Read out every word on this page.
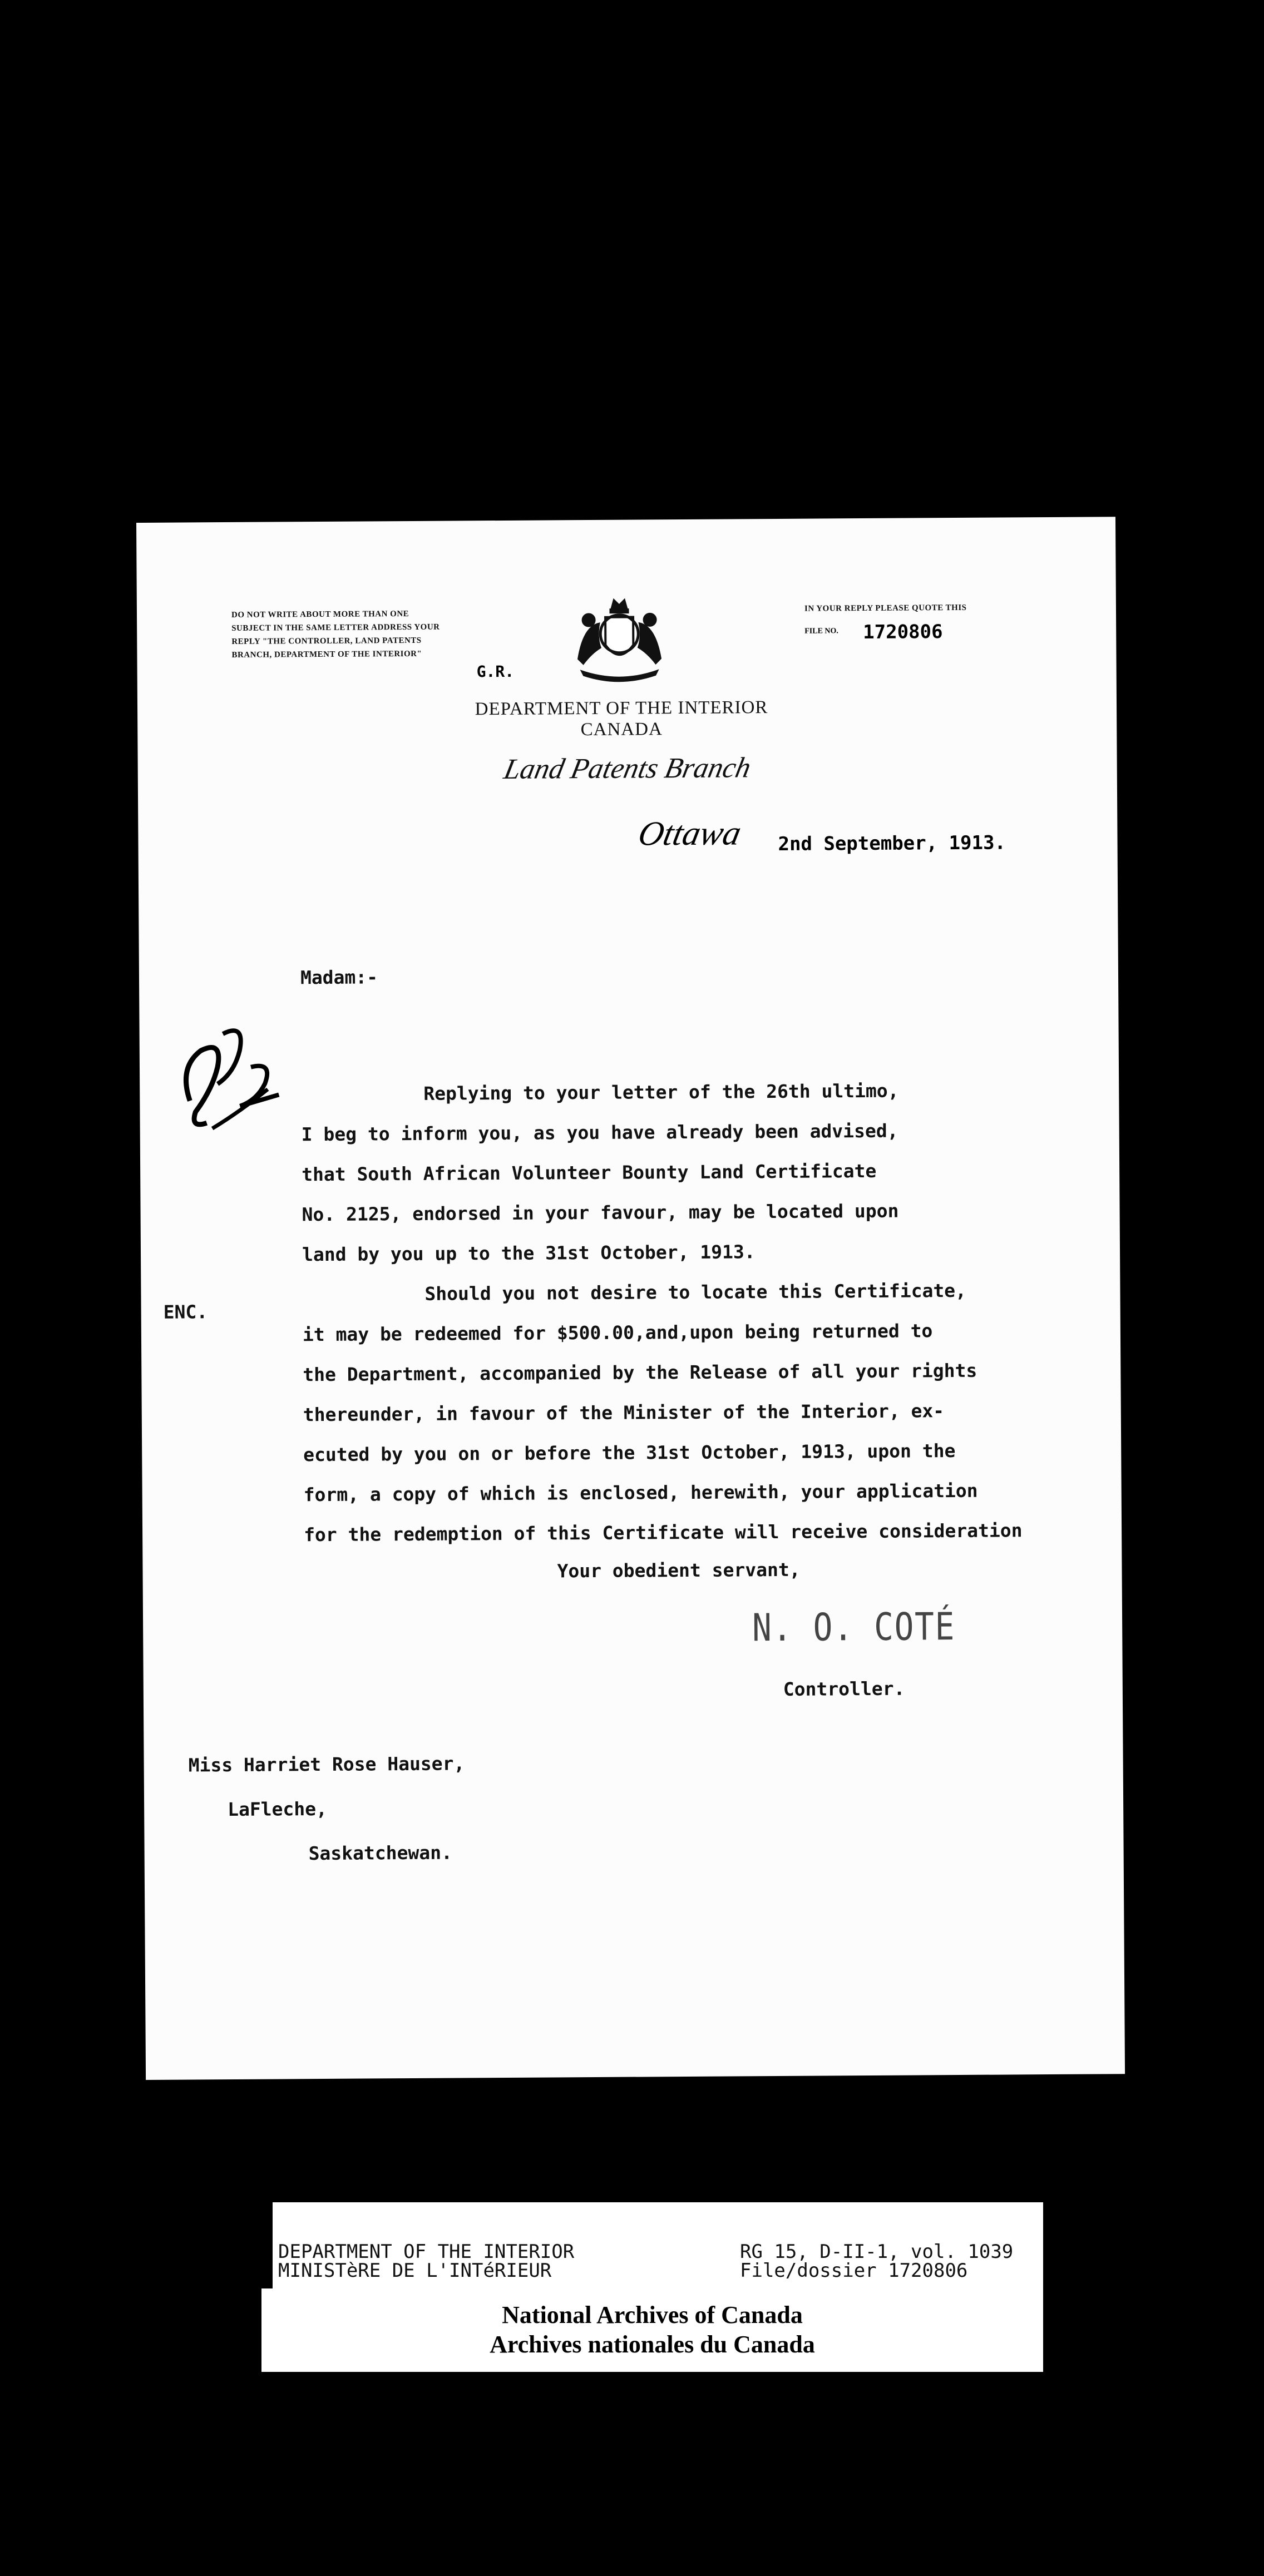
DO NOT WRITE ABOUT MORE THAN ONE SUBJECT IN THE SAME LETTER ADDRESS YOUR REPLY "THE CONTROLLER, LAND PATENTS BRANCH, DEPARTMENT OF THE INTERIOR"
IN YOUR REPLY PLEASE QUOTE THIS
FILE NO. 1720806
G.R.
DEPARTMENT OF THE INTERIOR
CANADA
Land Patents Branch
Ottawa 2nd September, 1913.
Madam:-
Replying to your letter of the 26th ultimo,
I beg to inform you, as you have already been advised,
that South African Volunteer Bounty Land Certificate
No. 2125, endorsed in your favour, may be located upon
land by you up to the 31st October, 1913.
ENC.
Should you not desire to locate this Certificate,
it may be redeemed for $500.00,and,upon being returned to
the Department, accompanied by the Release of all your rights
thereunder, in favour of the Minister of the Interior, ex-
ecuted by you on or before the 31st October, 1913, upon the
form, a copy of which is enclosed, herewith, your application
for the redemption of this Certificate will receive consideration
Your obedient servant,
N. O. COTÉ
Controller.
Miss Harriet Rose Hauser,
LaFleche,
Saskatchewan.
DEPARTMENT OF THE INTERIOR
MINISTèRE DE L'INTéRIEUR
RG 15, D-II-1, vol. 1039
File/dossier 1720806
National Archives of Canada
Archives nationales du Canada
